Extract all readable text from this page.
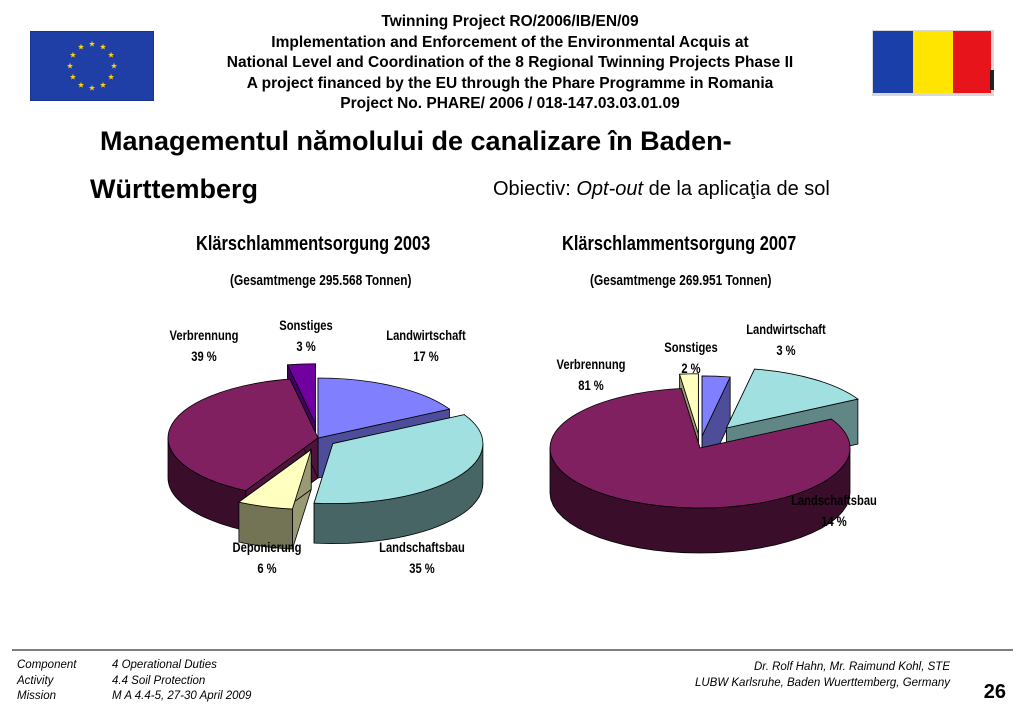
Twinning Project RO/2006/IB/EN/09
Implementation and Enforcement of the Environmental Acquis at
National Level and Coordination of the 8 Regional Twinning Projects Phase II
A project financed by the EU through the Phare Programme in Romania
Project No. PHARE/ 2006 / 018-147.03.03.01.09
Managementul nămolului de canalizare în Baden-
Württemberg	Obiectiv: Opt-out de la aplicaţia de sol
Klärschlammentsorgung 2003
(Gesamtmenge 295.568 Tonnen)
Klärschlammentsorgung 2007
(Gesamtmenge 269.951 Tonnen)
Landwirtschaft 17 %
Landschaftsbau 35 %
Deponierung 6 %
Verbrennung 39 %
Sonstiges 3 %
Landwirtschaft 3 %
Landschaftsbau 14 %
Verbrennung 81 %
Sonstiges 2 %
Component	4 Operational Duties
Activity	4.4 Soil Protection
Mission	M A 4.4-5, 27-30 April 2009
Dr. Rolf Hahn, Mr. Raimund Kohl, STE
LUBW Karlsruhe, Baden Wuerttemberg, Germany 26
